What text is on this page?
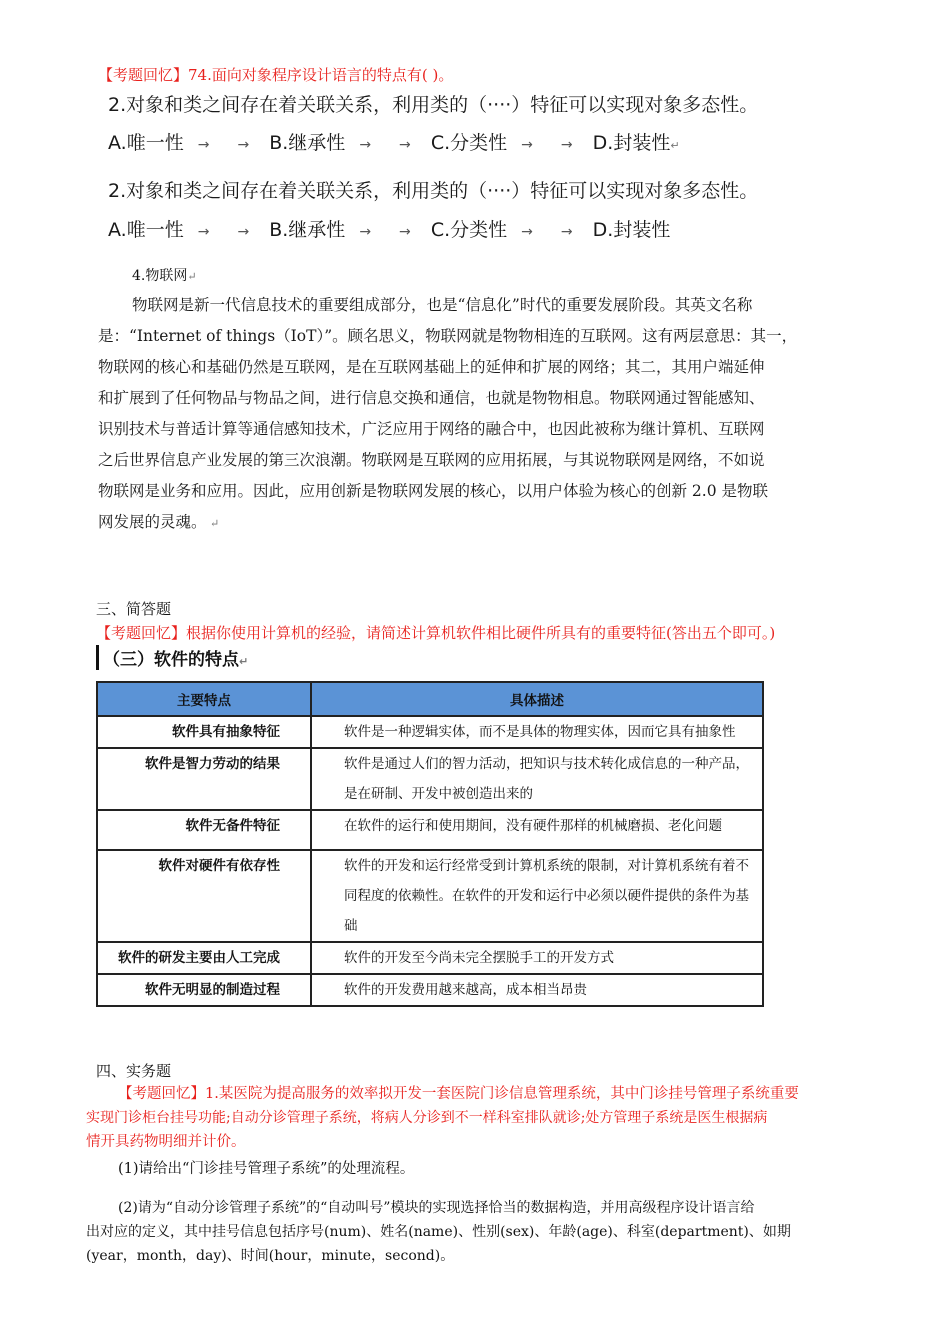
【考题回忆】74.面向对象程序设计语言的特点有( )。
2.对象和类之间存在着关联关系，利用类的（····）特征可以实现对象多态性。
A.唯一性 → → B.继承性 → → C.分类性 → → D.封装性↵
2.对象和类之间存在着关联关系，利用类的（····）特征可以实现对象多态性。
A.唯一性 → → B.继承性 → → C.分类性 → → D.封装性
4.物联网↵
物联网是新一代信息技术的重要组成部分，也是“信息化”时代的重要发展阶段。其英文名称
是：“Internet of things（IoT）”。顾名思义，物联网就是物物相连的互联网。这有两层意思：其一，
物联网的核心和基础仍然是互联网，是在互联网基础上的延伸和扩展的网络；其二，其用户端延伸
和扩展到了任何物品与物品之间，进行信息交换和通信，也就是物物相息。物联网通过智能感知、
识别技术与普适计算等通信感知技术，广泛应用于网络的融合中，也因此被称为继计算机、互联网
之后世界信息产业发展的第三次浪潮。物联网是互联网的应用拓展，与其说物联网是网络，不如说
物联网是业务和应用。因此，应用创新是物联网发展的核心，以用户体验为核心的创新 2.0 是物联
网发展的灵魂。 ↵
三、简答题
【考题回忆】根据你使用计算机的经验，请简述计算机软件相比硬件所具有的重要特征(答出五个即可。)
（三）软件的特点↵
主要特点	具体描述
软件具有抽象特征	软件是一种逻辑实体，而不是具体的物理实体，因而它具有抽象性
软件是智力劳动的结果	软件是通过人们的智力活动，把知识与技术转化成信息的一种产品，是在研制、开发中被创造出来的
软件无备件特征	在软件的运行和使用期间，没有硬件那样的机械磨损、老化问题
软件对硬件有依存性	软件的开发和运行经常受到计算机系统的限制，对计算机系统有着不同程度的依赖性。在软件的开发和运行中必须以硬件提供的条件为基础
软件的研发主要由人工完成	软件的开发至今尚未完全摆脱手工的开发方式
软件无明显的制造过程	软件的开发费用越来越高，成本相当昂贵
四、实务题
【考题回忆】1.某医院为提高服务的效率拟开发一套医院门诊信息管理系统，其中门诊挂号管理子系统重要
实现门诊柜台挂号功能;自动分诊管理子系统，将病人分诊到不一样科室排队就诊;处方管理子系统是医生根据病
情开具药物明细并计价。
(1)请给出“门诊挂号管理子系统”的处理流程。
(2)请为“自动分诊管理子系统”的“自动叫号”模块的实现选择恰当的数据构造，并用高级程序设计语言给
出对应的定义，其中挂号信息包括序号(num)、姓名(name)、性别(sex)、年龄(age)、科室(department)、如期
(year，month，day)、时间(hour，minute，second)。
